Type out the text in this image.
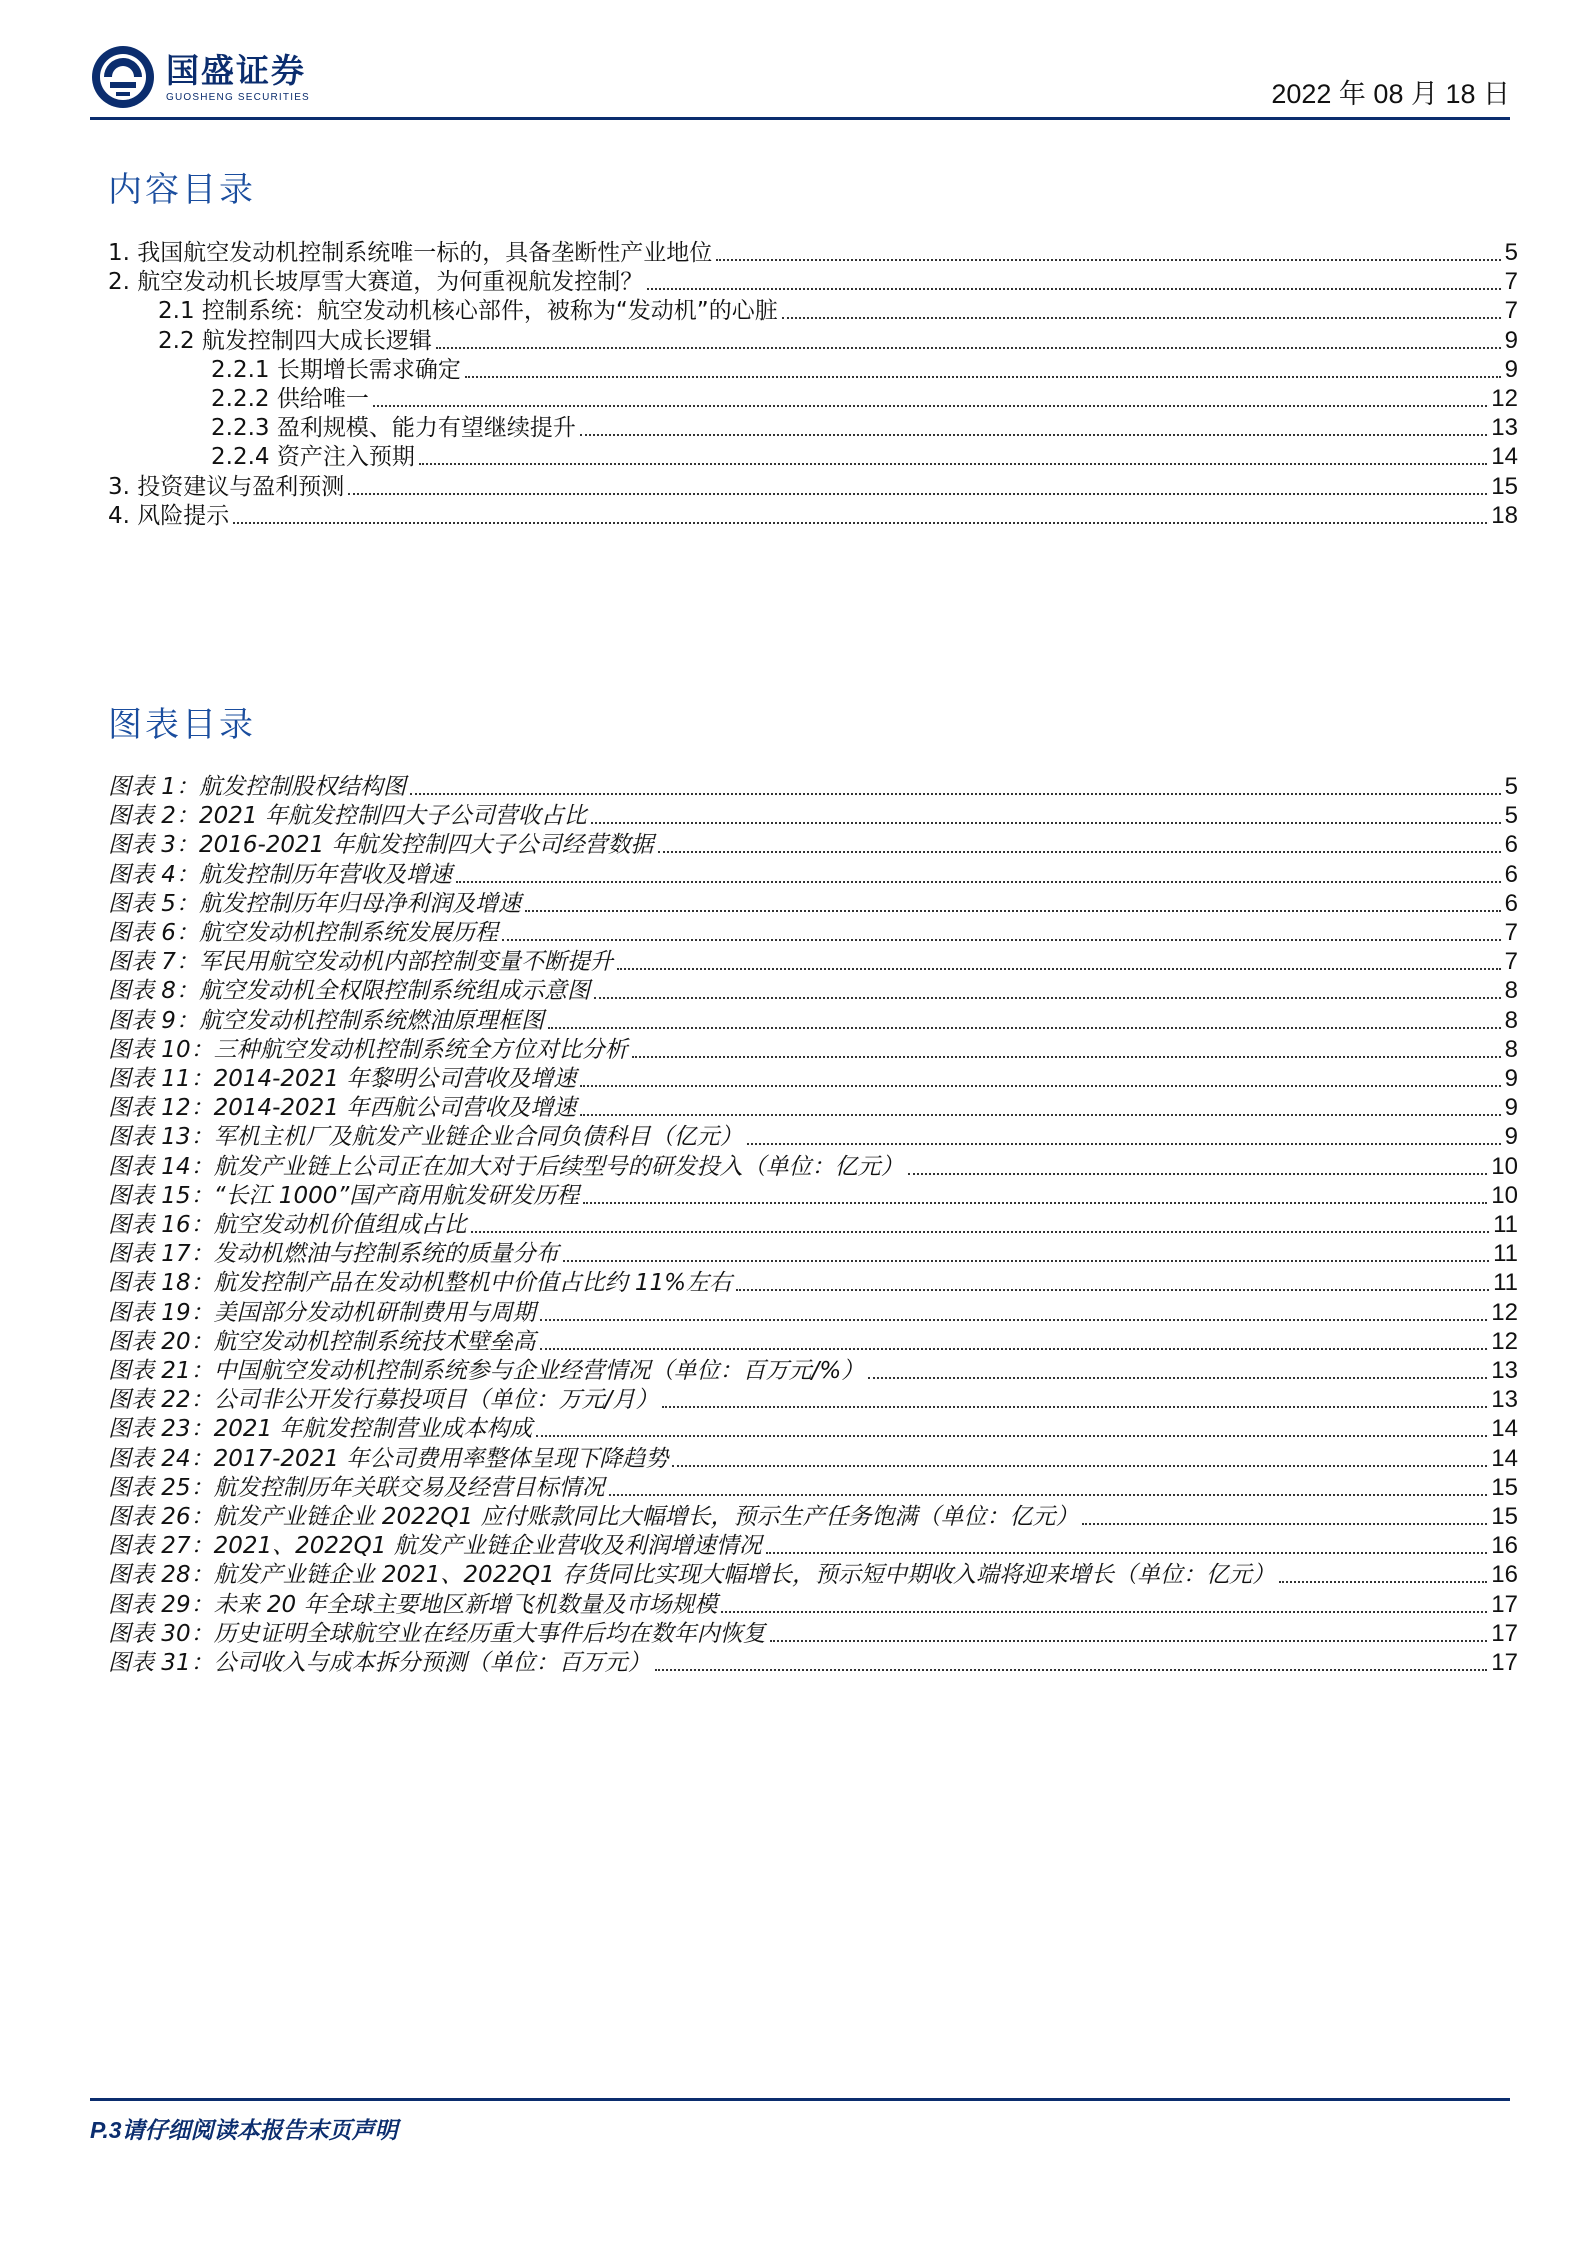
国盛证券
GUOSHENG SECURITIES	2022 年 08 月 18 日
内容目录
1. 我国航空发动机控制系统唯一标的，具备垄断性产业地位	5
2. 航空发动机长坡厚雪大赛道，为何重视航发控制？	7
2.1 控制系统：航空发动机核心部件，被称为“发动机”的心脏	7
2.2 航发控制四大成长逻辑	9
2.2.1 长期增长需求确定	9
2.2.2 供给唯一	12
2.2.3 盈利规模、能力有望继续提升	13
2.2.4 资产注入预期	14
3. 投资建议与盈利预测	15
4. 风险提示	18
图表目录
图表 1：航发控制股权结构图	5
图表 2：2021 年航发控制四大子公司营收占比	5
图表 3：2016-2021 年航发控制四大子公司经营数据	6
图表 4：航发控制历年营收及增速	6
图表 5：航发控制历年归母净利润及增速	6
图表 6：航空发动机控制系统发展历程	7
图表 7：军民用航空发动机内部控制变量不断提升	7
图表 8：航空发动机全权限控制系统组成示意图	8
图表 9：航空发动机控制系统燃油原理框图	8
图表 10：三种航空发动机控制系统全方位对比分析	8
图表 11：2014-2021 年黎明公司营收及增速	9
图表 12：2014-2021 年西航公司营收及增速	9
图表 13：军机主机厂及航发产业链企业合同负债科目（亿元）	9
图表 14：航发产业链上公司正在加大对于后续型号的研发投入（单位：亿元）	10
图表 15：“长江 1000”国产商用航发研发历程	10
图表 16：航空发动机价值组成占比	11
图表 17：发动机燃油与控制系统的质量分布	11
图表 18：航发控制产品在发动机整机中价值占比约 11%左右	11
图表 19：美国部分发动机研制费用与周期	12
图表 20：航空发动机控制系统技术壁垒高	12
图表 21：中国航空发动机控制系统参与企业经营情况（单位：百万元/%）	13
图表 22：公司非公开发行募投项目（单位：万元/月）	13
图表 23：2021 年航发控制营业成本构成	14
图表 24：2017-2021 年公司费用率整体呈现下降趋势	14
图表 25：航发控制历年关联交易及经营目标情况	15
图表 26：航发产业链企业 2022Q1 应付账款同比大幅增长，预示生产任务饱满（单位：亿元）	15
图表 27：2021、2022Q1 航发产业链企业营收及利润增速情况	16
图表 28：航发产业链企业 2021、2022Q1 存货同比实现大幅增长，预示短中期收入端将迎来增长（单位：亿元）	16
图表 29：未来 20 年全球主要地区新增飞机数量及市场规模	17
图表 30：历史证明全球航空业在经历重大事件后均在数年内恢复	17
图表 31：公司收入与成本拆分预测（单位：百万元）	17
P.3请仔细阅读本报告末页声明
